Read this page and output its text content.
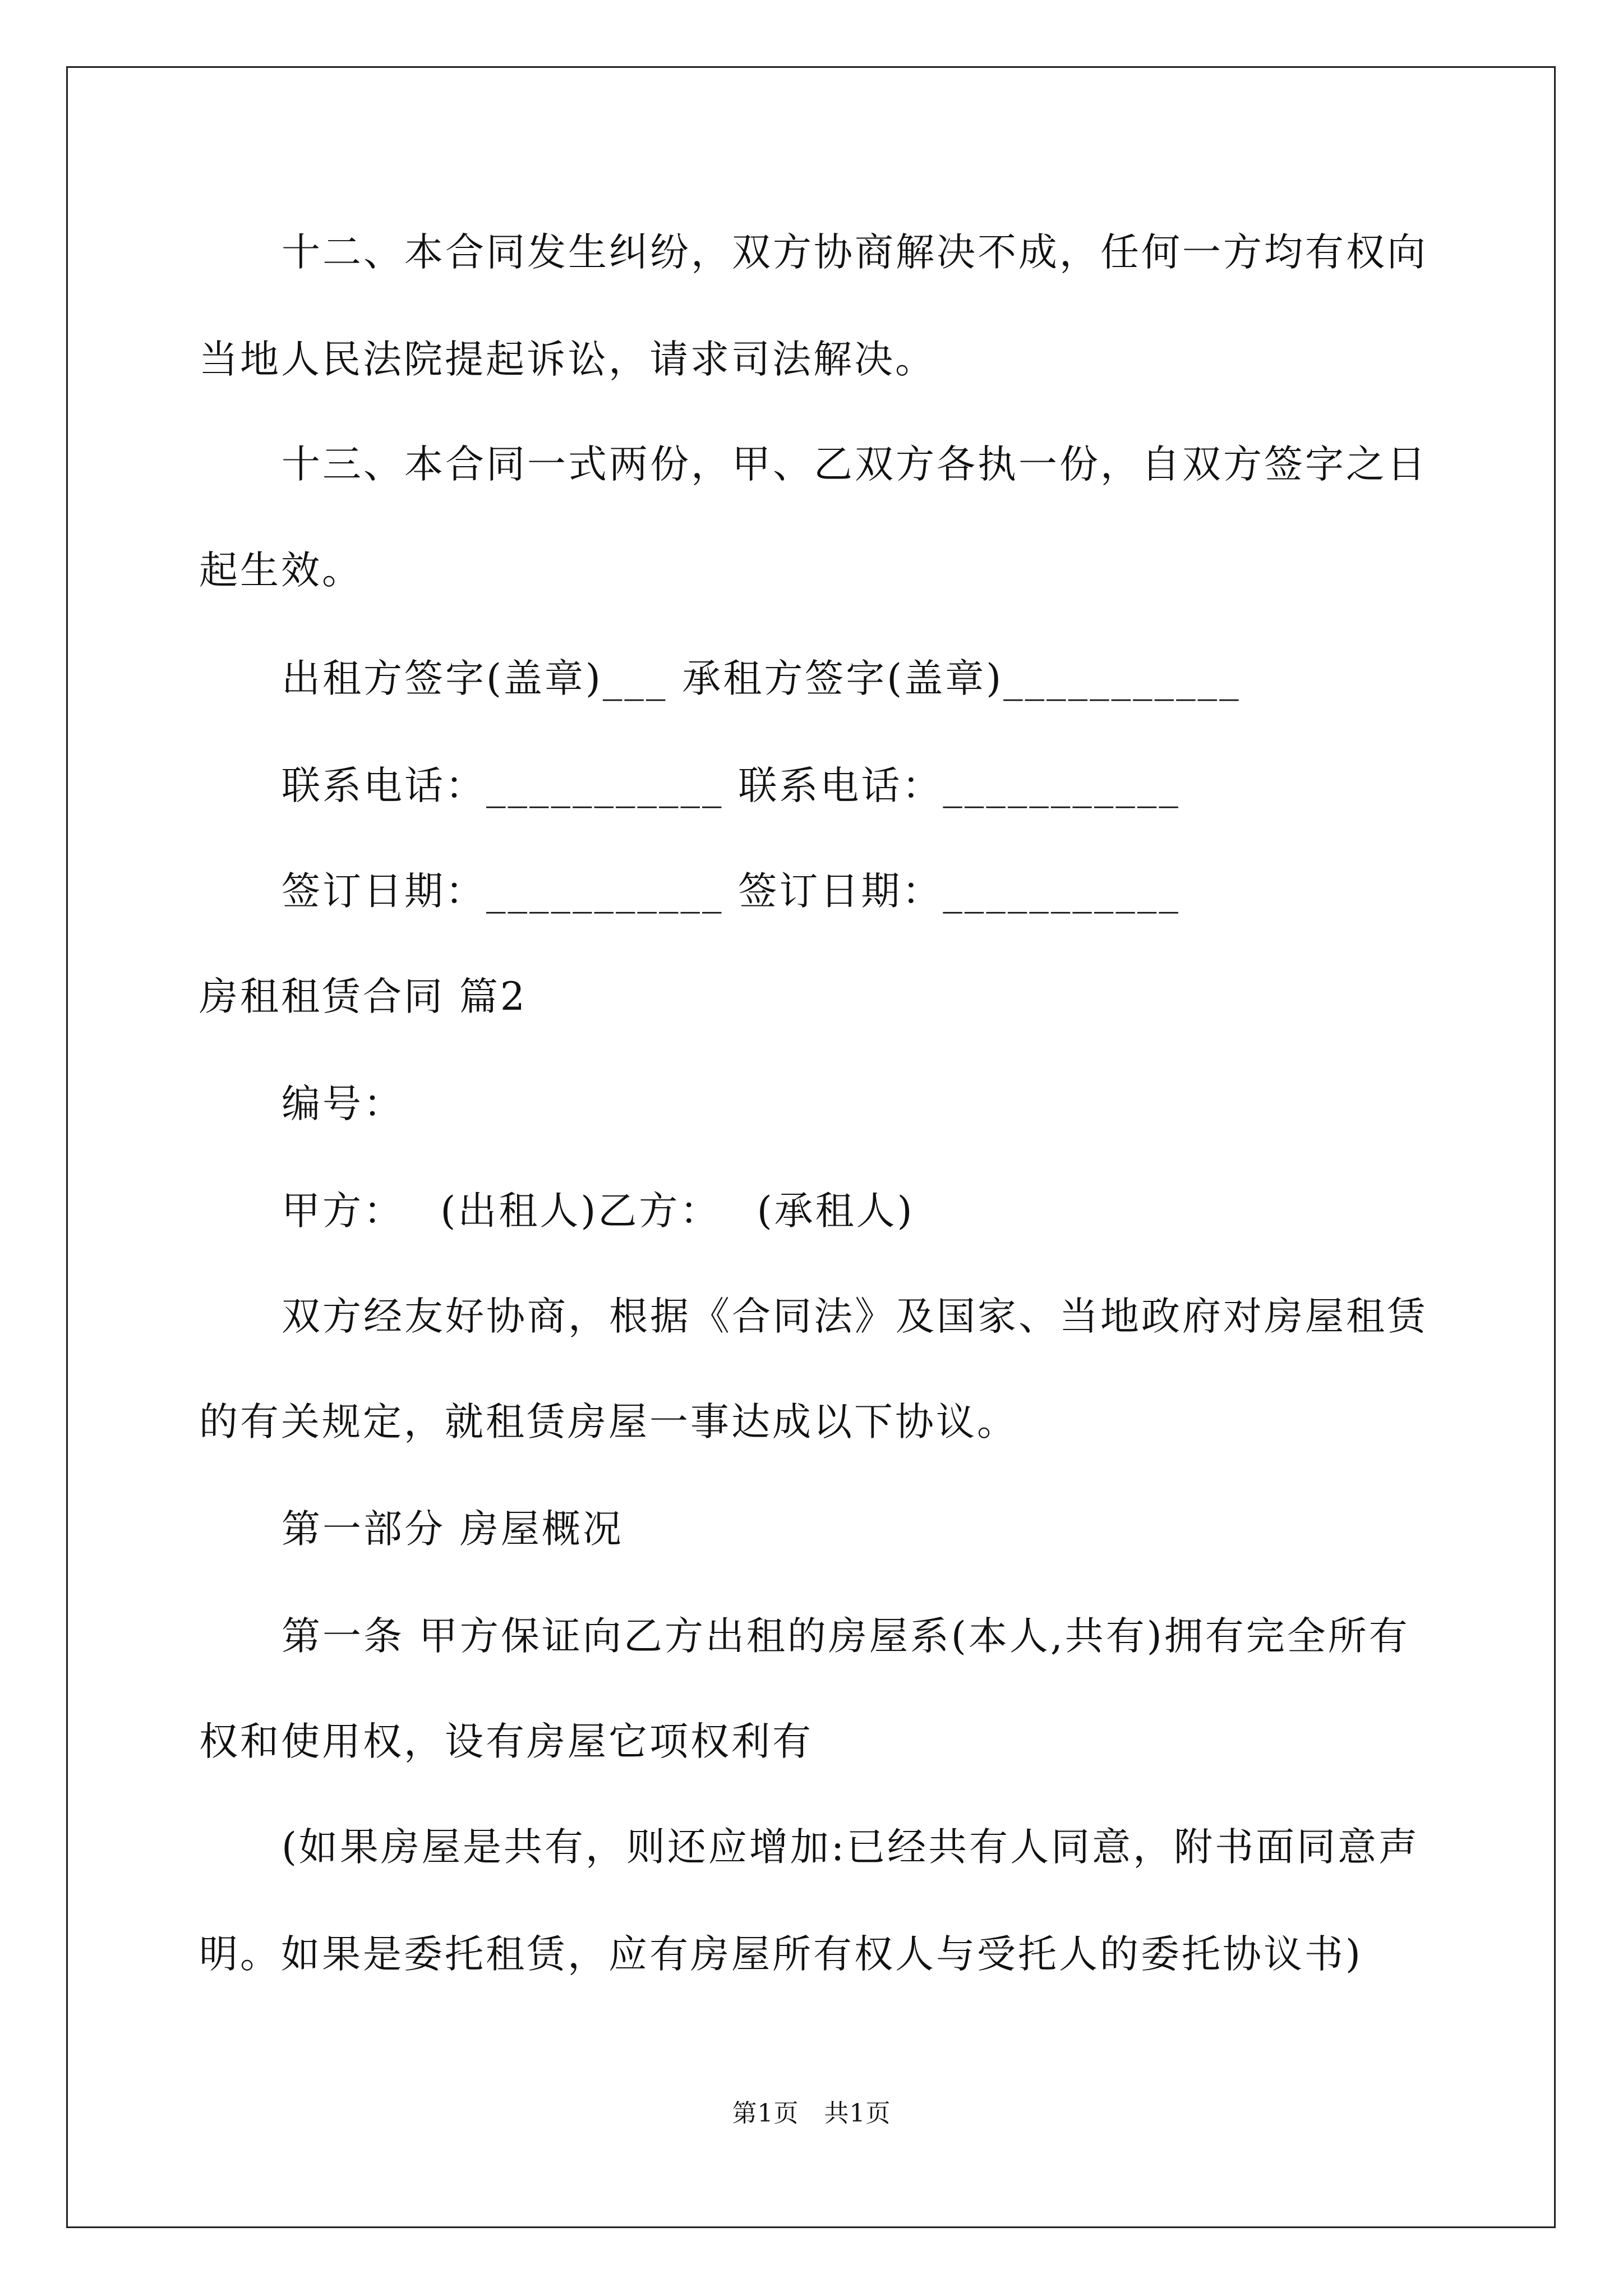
十二、本合同发生纠纷，双方协商解决不成，任何一方均有权向
当地人民法院提起诉讼，请求司法解决。
十三、本合同一式两份，甲、乙双方各执一份，自双方签字之日
起生效。
出租方签字(盖章)___ 承租方签字(盖章)___________
联系电话：___________ 联系电话：___________
签订日期：___________ 签订日期：___________
房租租赁合同 篇2
编号：
甲方：　 (出租人)乙方：　 (承租人)
双方经友好协商，根据《合同法》及国家、当地政府对房屋租赁
的有关规定，就租赁房屋一事达成以下协议。
第一部分 房屋概况
第一条 甲方保证向乙方出租的房屋系(本人,共有)拥有完全所有
权和使用权，设有房屋它项权利有
(如果房屋是共有，则还应增加:已经共有人同意，附书面同意声
明。如果是委托租赁，应有房屋所有权人与受托人的委托协议书)
第1页　共1页
